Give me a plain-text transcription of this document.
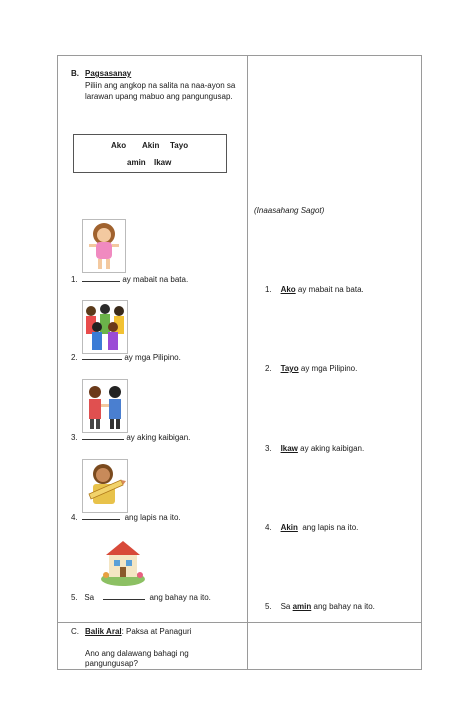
B. Pagsasanay
Piliin ang angkop na salita na naa-ayon sa
larawan upang mabuo ang pangungusap.
Ako Akin Tayo
amin Ikaw
(Inaasahang Sagot)
1.	ay mabait na bata.
2.	ay mga Pilipino.
3.	ay aking kaibigan.
4.	ang lapis na ito.
5. Sa	ang bahay na ito.
1. Ako ay mabait na bata.
2. Tayo ay mga Pilipino.
3. Ikaw ay aking kaibigan.
4. Akin ang lapis na ito.
5. Sa amin ang bahay na ito.
C. Balik Aral: Paksa at Panaguri
Ano ang dalawang bahagi ng
pangungusap?
